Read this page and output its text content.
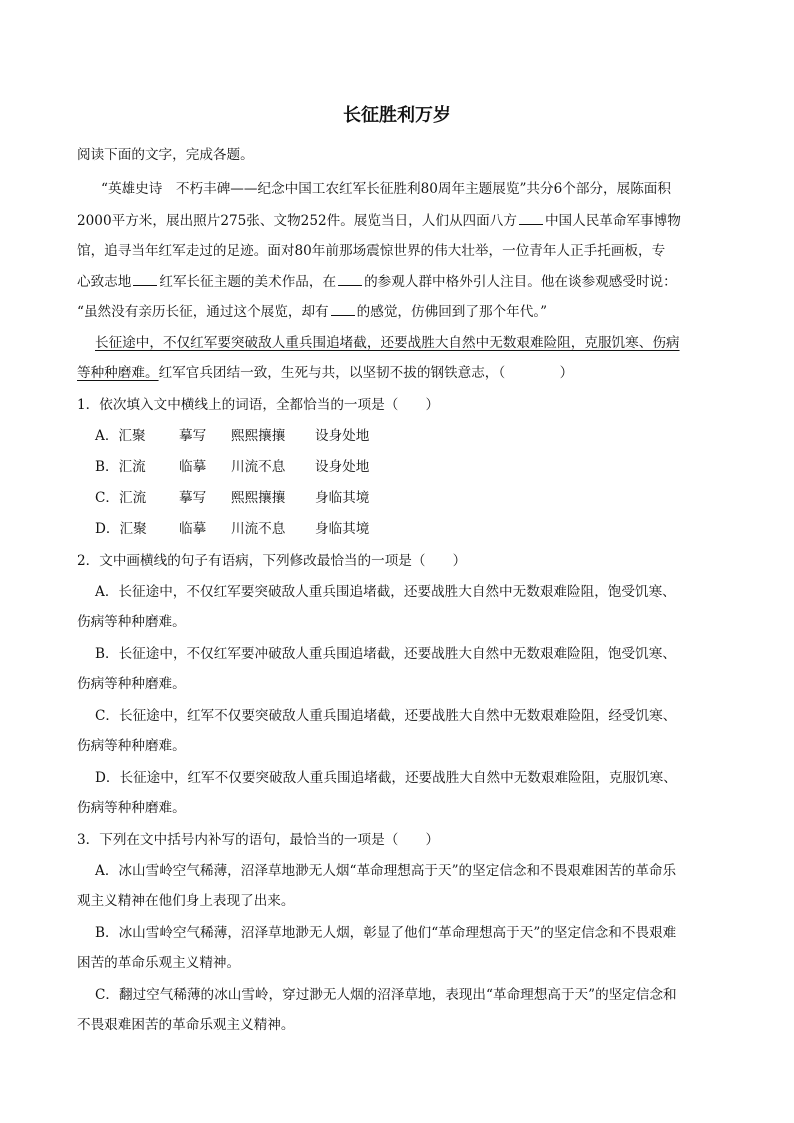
长征胜利万岁
阅读下面的文字，完成各题。
“英雄史诗　不朽丰碑——纪念中国工农红军长征胜利80周年主题展览”共分6个部分，展陈面积
2000平方米，展出照片275张、文物252件。展览当日，人们从四面八方 中国人民革命军事博物
馆，追寻当年红军走过的足迹。面对80年前那场震惊世界的伟大壮举，一位青年人正手托画板，专
心致志地 红军长征主题的美术作品，在 的参观人群中格外引人注目。他在谈参观感受时说：
“虽然没有亲历长征，通过这个展览，却有 的感觉，仿佛回到了那个年代。”
长征途中，不仅红军要突破敌人重兵围追堵截，还要战胜大自然中无数艰难险阻，克服饥寒、伤病
等种种磨难。红军官兵团结一致，生死与共，以坚韧不拔的钢铁意志，（　　　　）
1．依次填入文中横线上的词语，全都恰当的一项是（　　）
A．汇聚 摹写 熙熙攘攘 设身处地
B．汇流 临摹 川流不息 设身处地
C．汇流 摹写 熙熙攘攘 身临其境
D．汇聚 临摹 川流不息 身临其境
2．文中画横线的句子有语病，下列修改最恰当的一项是（　　）
A．长征途中，不仅红军要突破敌人重兵围追堵截，还要战胜大自然中无数艰难险阻，饱受饥寒、
伤病等种种磨难。
B．长征途中，不仅红军要冲破敌人重兵围追堵截，还要战胜大自然中无数艰难险阻，饱受饥寒、
伤病等种种磨难。
C．长征途中，红军不仅要突破敌人重兵围追堵截，还要战胜大自然中无数艰难险阻，经受饥寒、
伤病等种种磨难。
D．长征途中，红军不仅要突破敌人重兵围追堵截，还要战胜大自然中无数艰难险阻，克服饥寒、
伤病等种种磨难。
3．下列在文中括号内补写的语句，最恰当的一项是（　　）
A．冰山雪岭空气稀薄，沼泽草地渺无人烟“革命理想高于天”的坚定信念和不畏艰难困苦的革命乐
观主义精神在他们身上表现了出来。
B．冰山雪岭空气稀薄，沼泽草地渺无人烟，彰显了他们“革命理想高于天”的坚定信念和不畏艰难
困苦的革命乐观主义精神。
C．翻过空气稀薄的冰山雪岭，穿过渺无人烟的沼泽草地，表现出“革命理想高于天”的坚定信念和
不畏艰难困苦的革命乐观主义精神。
